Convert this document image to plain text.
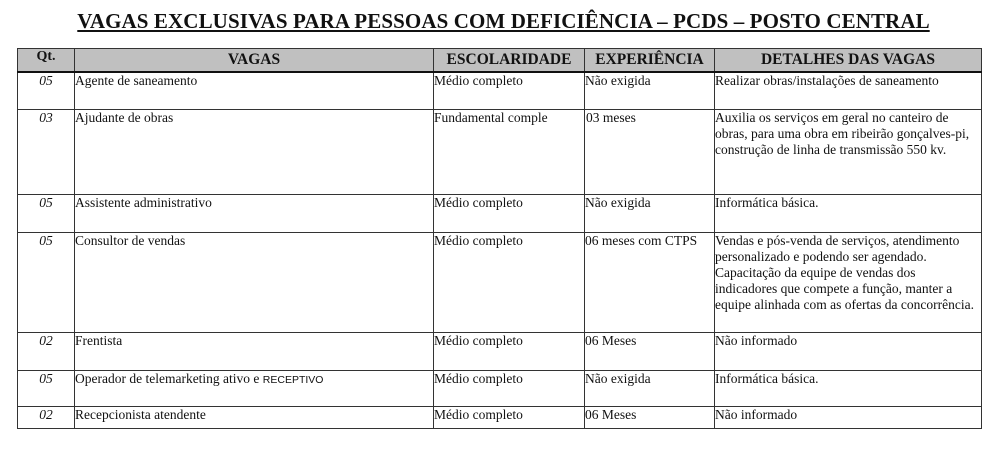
VAGAS EXCLUSIVAS PARA PESSOAS COM DEFICIÊNCIA – PCDS – POSTO CENTRAL
Qt.	VAGAS	ESCOLARIDADE	EXPERIÊNCIA	DETALHES DAS VAGAS
05	Agente de saneamento	Médio completo	Não exigida	Realizar obras/instalações de saneamento
03	Ajudante de obras	Fundamental comple	03 meses	Auxilia os serviços em geral no canteiro de obras, para uma obra em ribeirão gonçalves-pi, construção de linha de transmissão 550 kv.
05	Assistente administrativo	Médio completo	Não exigida	Informática básica.
05	Consultor de vendas	Médio completo	06 meses com CTPS	Vendas e pós-venda de serviços, atendimento personalizado e podendo ser agendado. Capacitação da equipe de vendas dos indicadores que compete a função, manter a equipe alinhada com as ofertas da concorrência.
02	Frentista	Médio completo	06 Meses	Não informado
05	Operador de telemarketing ativo e RECEPTIVO	Médio completo	Não exigida	Informática básica.
02	Recepcionista atendente	Médio completo	06 Meses	Não informado
